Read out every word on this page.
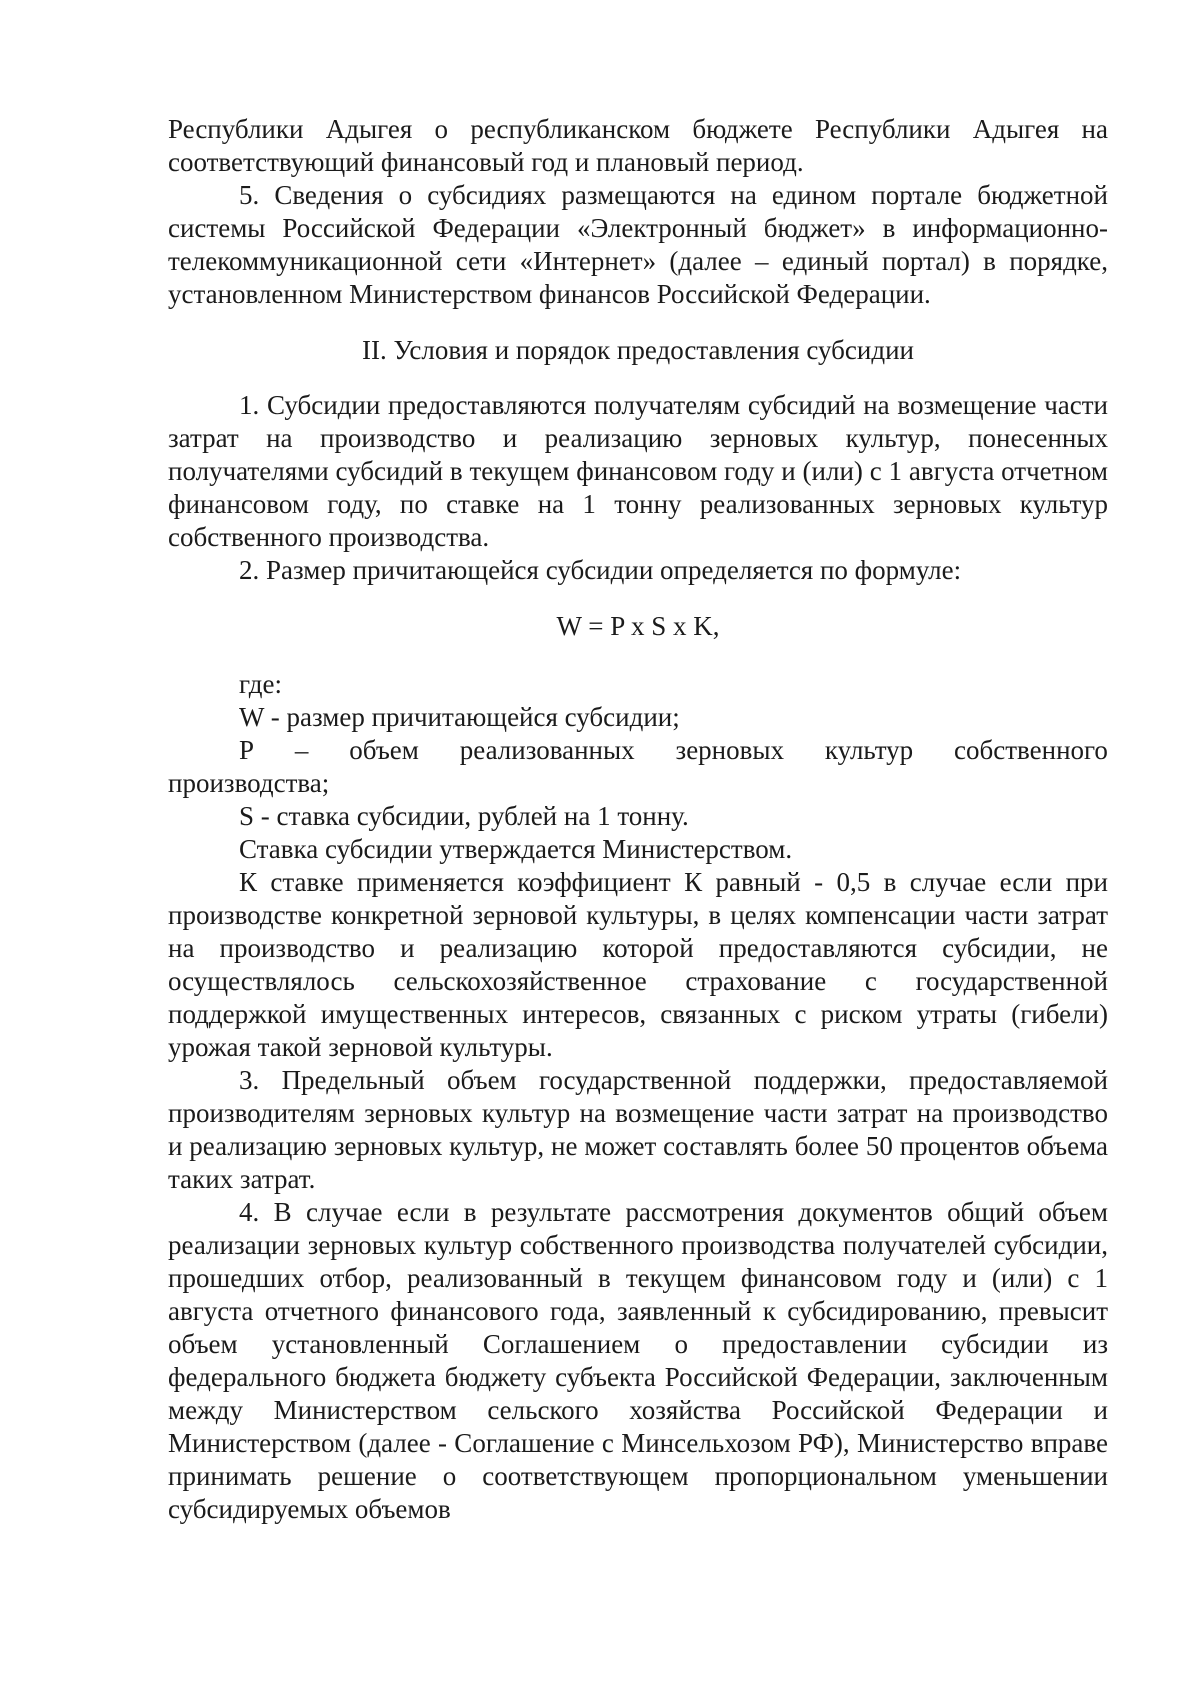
Республики Адыгея о республиканском бюджете Республики Адыгея на соответствующий финансовый год и плановый период.

5. Сведения о субсидиях размещаются на едином портале бюджетной системы Российской Федерации «Электронный бюджет» в информационно-телекоммуникационной сети «Интернет» (далее – единый портал) в порядке, установленном Министерством финансов Российской Федерации.

II. Условия и порядок предоставления субсидии

1. Субсидии предоставляются получателям субсидий на возмещение части затрат на производство и реализацию зерновых культур, понесенных получателями субсидий в текущем финансовом году и (или) с 1 августа отчетном финансовом году, по ставке на 1 тонну реализованных зерновых культур собственного производства.

2. Размер причитающейся субсидии определяется по формуле:

W = P x S x K,

где:

W - размер причитающейся субсидии;

P – объем реализованных зерновых культур собственного

производства;

S - ставка субсидии, рублей на 1 тонну.

Ставка субсидии утверждается Министерством.

К ставке применяется коэффициент К равный - 0,5 в случае если при производстве конкретной зерновой культуры, в целях компенсации части затрат на производство и реализацию которой предоставляются субсидии, не осуществлялось сельскохозяйственное страхование с государственной поддержкой имущественных интересов, связанных с риском утраты (гибели) урожая такой зерновой культуры.

3. Предельный объем государственной поддержки, предоставляемой производителям зерновых культур на возмещение части затрат на производство и реализацию зерновых культур, не может составлять более 50 процентов объема таких затрат.

4. В случае если в результате рассмотрения документов общий объем реализации зерновых культур собственного производства получателей субсидии, прошедших отбор, реализованный в текущем финансовом году и (или) с 1 августа отчетного финансового года, заявленный к субсидированию, превысит объем установленный Соглашением о предоставлении субсидии из федерального бюджета бюджету субъекта Российской Федерации, заключенным между Министерством сельского хозяйства Российской Федерации и Министерством (далее - Соглашение с Минсельхозом РФ), Министерство вправе принимать решение о соответствующем пропорциональном уменьшении субсидируемых объемов
